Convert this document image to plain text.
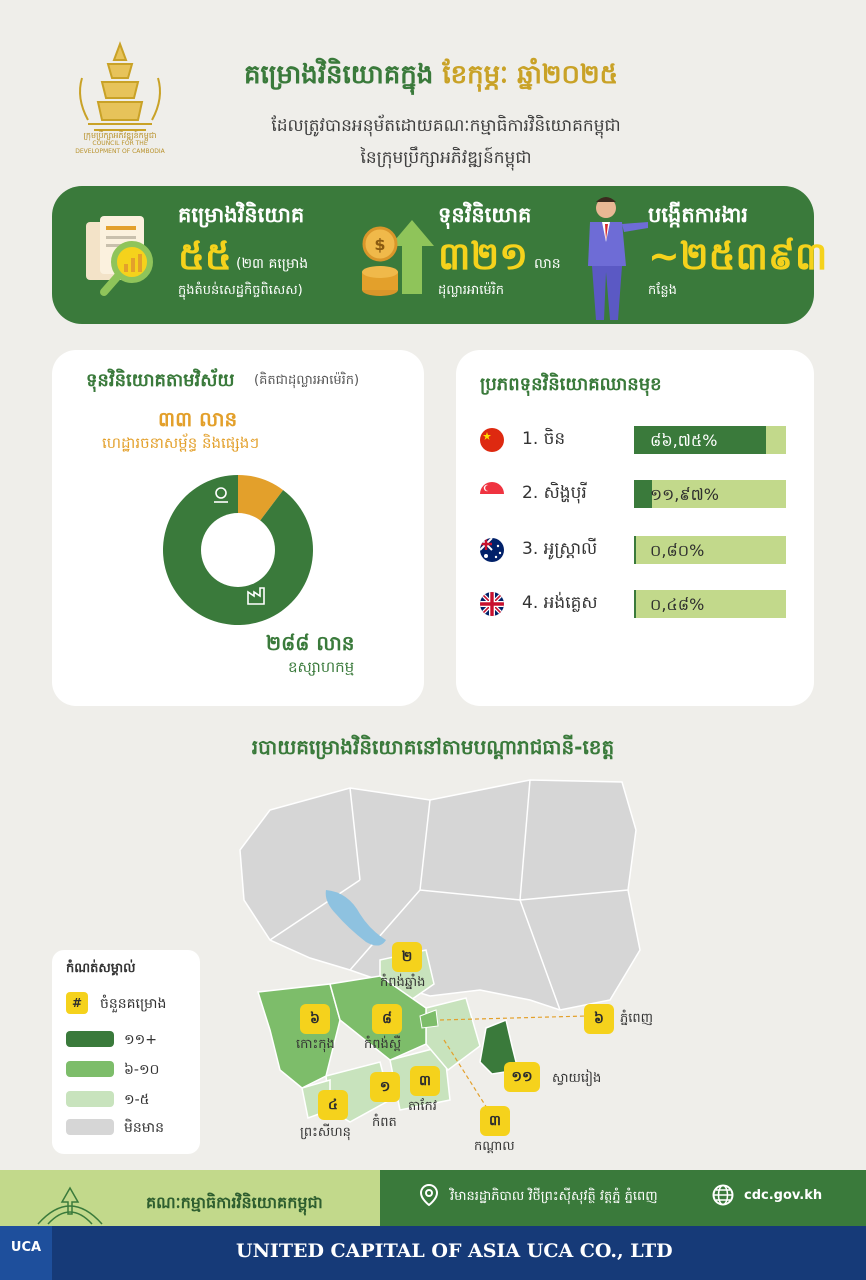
ក្រុមប្រឹក្សាអភិវឌ្ឍន៍កម្ពុជា
COUNCIL FOR THE DEVELOPMENT OF CAMBODIA
គម្រោងវិនិយោគក្នុង ខែកុម្ភៈ ឆ្នាំ២០២៥
ដែលត្រូវបានអនុម័តដោយគណៈកម្មាធិការវិនិយោគកម្ពុជា
នៃក្រុមប្រឹក្សាអភិវឌ្ឍន៍កម្ពុជា
គម្រោងវិនិយោគ
៥៥ (២៣ គម្រោង
ក្នុងតំបន់សេដ្ឋកិច្ចពិសេស)
$
ទុនវិនិយោគ
៣២១ លាន
ដុល្លារអាម៉េរិក
បង្កើតការងារ
~២៥៣៩៣
កន្លែង
ទុនវិនិយោគតាមវិស័យ (គិតជាដុល្លារអាម៉េរិក)
៣៣ លាន
ហេដ្ឋារចនាសម្ព័ន្ធ និងផ្សេងៗ
២៨៨ លាន
ឧស្សាហកម្ម
ប្រភពទុនវិនិយោគឈានមុខ
1. ចិន	៨៦,៧៥%
2. សិង្ហបុរី	១១,៩៧%
3. អូស្ត្រាលី	០,៨០%
4. អង់គ្លេស	០,៤៨%
របាយគម្រោងវិនិយោគនៅតាមបណ្តារាជធានី-ខេត្ត
២
កំពង់ឆ្នាំង
៦
កោះកុង
៨
កំពង់ស្ពឺ
៦	ភ្នំពេញ
១១	ស្វាយរៀង
៤
ព្រះសីហនុ
១
កំពត
៣
តាកែវ
៣
កណ្តាល
កំណត់សម្គាល់
#	ចំនួនគម្រោង
១១+
៦-១០
១-៥
មិនមាន
គណៈកម្មាធិការវិនិយោគកម្ពុជា	វិមានរដ្ឋាភិបាល វិថីព្រះស៊ីសុវត្ថិ វត្តភ្នំ ភ្នំពេញ	cdc.gov.kh
UCA	UNITED CAPITAL OF ASIA UCA CO., LTD
